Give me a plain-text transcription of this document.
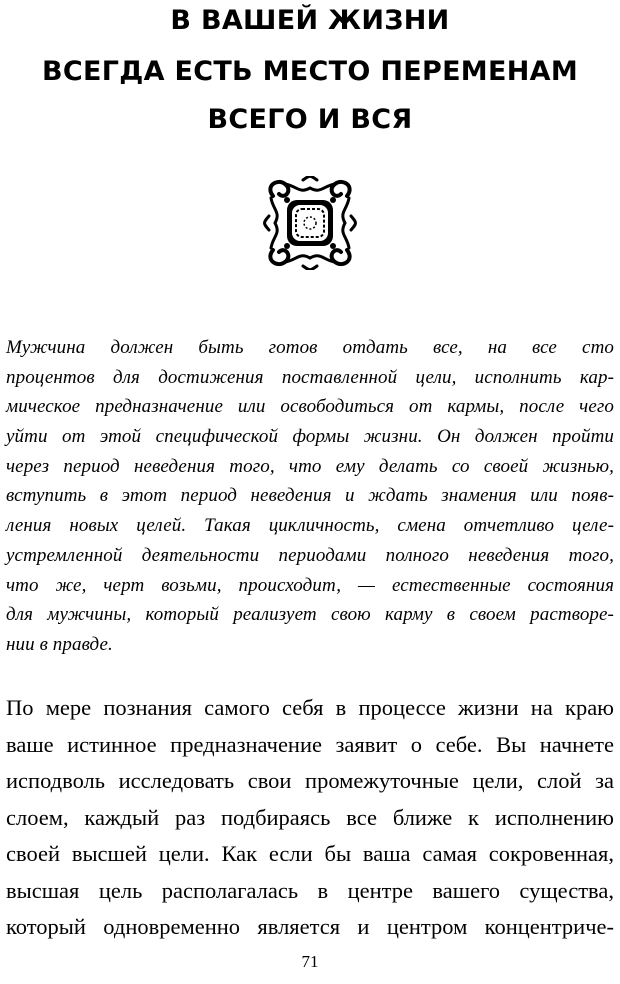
В ВАШЕЙ ЖИЗНИ
ВСЕГДА ЕСТЬ МЕСТО ПЕРЕМЕНАМ
ВСЕГО И ВСЯ
Мужчина должен быть готов отдать все, на все сто
процентов для достижения поставленной цели, исполнить кар-
мическое предназначение или освободиться от кармы, после чего
уйти от этой специфической формы жизни. Он должен пройти
через период неведения того, что ему делать со своей жизнью,
вступить в этот период неведения и ждать знамения или появ-
ления новых целей. Такая цикличность, смена отчетливо целе-
устремленной деятельности периодами полного неведения того,
что же, черт возьми, происходит, — естественные состояния
для мужчины, который реализует свою карму в своем растворе-
нии в правде.
По мере познания самого себя в процессе жизни на краю
ваше истинное предназначение заявит о себе. Вы начнете
исподволь исследовать свои промежуточные цели, слой за
слоем, каждый раз подбираясь все ближе к исполнению
своей высшей цели. Как если бы ваша самая сокровенная,
высшая цель располагалась в центре вашего существа,
который одновременно является и центром концентриче-
71
